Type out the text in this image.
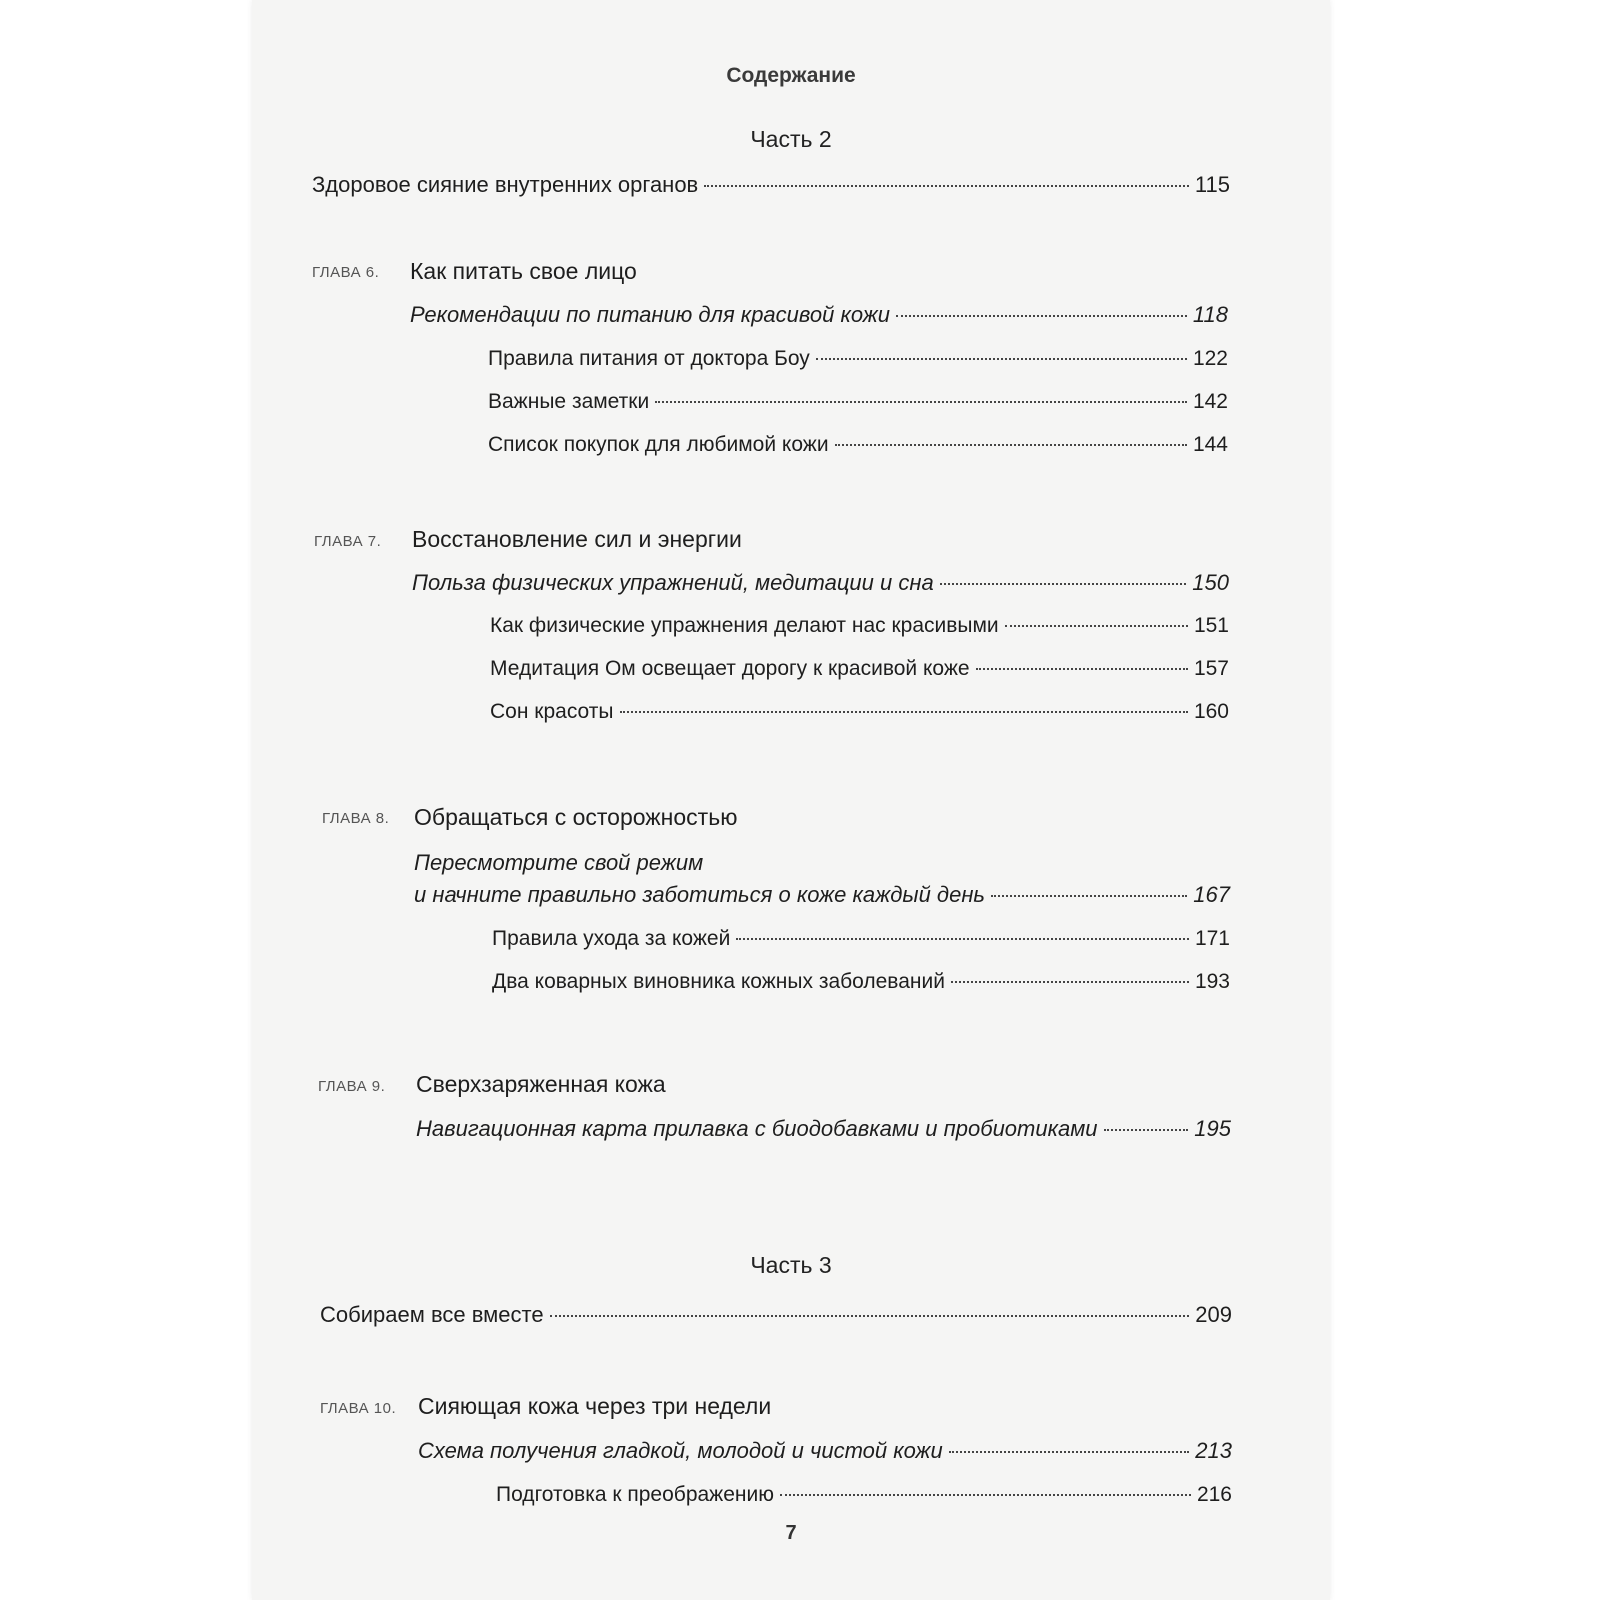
Содержание
Часть 2
Здоровое сияние внутренних органов	115
ГЛАВА 6. Как питать свое лицо
Рекомендации по питанию для красивой кожи	118
Правила питания от доктора Боу	122
Важные заметки	142
Список покупок для любимой кожи	144
ГЛАВА 7. Восстановление сил и энергии
Польза физических упражнений, медитации и сна	150
Как физические упражнения делают нас красивыми	151
Медитация Ом освещает дорогу к красивой коже	157
Сон красоты	160
ГЛАВА 8. Обращаться с осторожностью
Пересмотрите свой режим
и начните правильно заботиться о коже каждый день	167
Правила ухода за кожей	171
Два коварных виновника кожных заболеваний	193
ГЛАВА 9. Сверхзаряженная кожа
Навигационная карта прилавка с биодобавками и пробиотиками	195
Часть 3
Собираем все вместе	209
ГЛАВА 10. Сияющая кожа через три недели
Схема получения гладкой, молодой и чистой кожи	213
Подготовка к преображению	216
7
